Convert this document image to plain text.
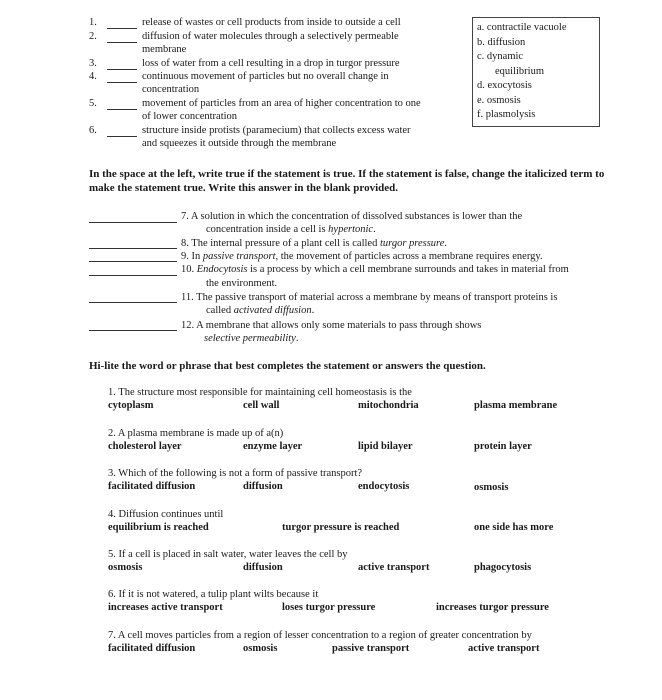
1.	release of wastes or cell products from inside to outside a cell
2.	diffusion of water molecules through a selectively permeable
membrane
3.	loss of water from a cell resulting in a drop in turgor pressure
4.	continuous movement of particles but no overall change in
concentration
5.	movement of particles from an area of higher concentration to one
of lower concentration
6.	structure inside protists (paramecium) that collects excess water
and squeezes it outside through the membrane
a. contractile vacuole
b. diffusion
c. dynamic
equilibrium
d. exocytosis
e. osmosis
f. plasmolysis
In the space at the left, write true if the statement is true. If the statement is false, change the italicized term to make the statement true. Write this answer in the blank provided.
7. A solution in which the concentration of dissolved substances is lower than the
concentration inside a cell is hypertonic.
8. The internal pressure of a plant cell is called turgor pressure.
9. In passive transport, the movement of particles across a membrane requires energy.
10. Endocytosis is a process by which a cell membrane surrounds and takes in material from
the environment.
11. The passive transport of material across a membrane by means of transport proteins is
called activated diffusion.
12. A membrane that allows only some materials to pass through shows
selective permeability.
Hi-lite the word or phrase that best completes the statement or answers the question.
1. The structure most responsible for maintaining cell homeostasis is the
cytoplasm	cell wall	mitochondria	plasma membrane
2. A plasma membrane is made up of a(n)
cholesterol layer	enzyme layer	lipid bilayer	protein layer
3. Which of the following is not a form of passive transport?
facilitated diffusion	diffusion	endocytosis	osmosis
4. Diffusion continues until
equilibrium is reached	turgor pressure is reached	one side has more
5. If a cell is placed in salt water, water leaves the cell by
osmosis	diffusion	active transport	phagocytosis
6. If it is not watered, a tulip plant wilts because it
increases active transport	loses turgor pressure	increases turgor pressure
7. A cell moves particles from a region of lesser concentration to a region of greater concentration by
facilitated diffusion	osmosis	passive transport	active transport
